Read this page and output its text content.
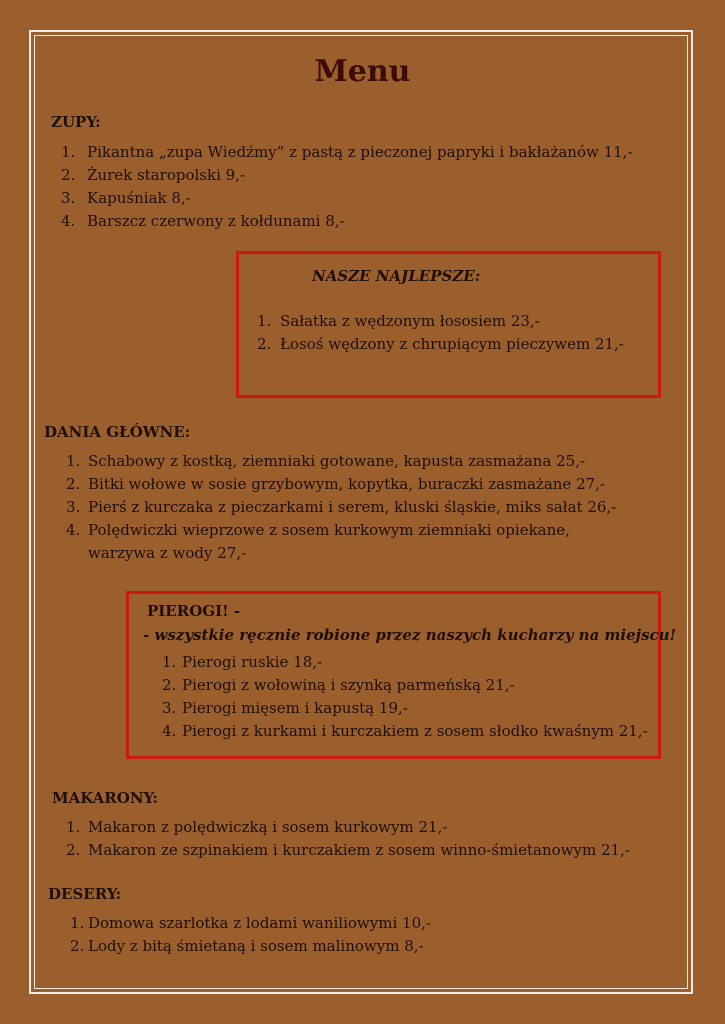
Menu
ZUPY:
1. Pikantna „zupa Wiedźmy” z pastą z pieczonej papryki i bakłażanów 11,-
2. Żurek staropolski 9,-
3. Kapuśniak 8,-
4. Barszcz czerwony z kołdunami 8,-
NASZE NAJLEPSZE:
1. Sałatka z wędzonym łososiem 23,-
2. Łosoś wędzony z chrupiącym pieczywem 21,-
DANIA GŁÓWNE:
1. Schabowy z kostką, ziemniaki gotowane, kapusta zasmażana 25,-
2. Bitki wołowe w sosie grzybowym, kopytka, buraczki zasmażane 27,-
3. Pierś z kurczaka z pieczarkami i serem, kluski śląskie, miks sałat 26,-
4. Polędwiczki wieprzowe z sosem kurkowym ziemniaki opiekane,
warzywa z wody 27,-
PIEROGI! -
- wszystkie ręcznie robione przez naszych kucharzy na miejscu!
1. Pierogi ruskie 18,-
2. Pierogi z wołowiną i szynką parmeńską 21,-
3. Pierogi mięsem i kapustą 19,-
4. Pierogi z kurkami i kurczakiem z sosem słodko kwaśnym 21,-
MAKARONY:
1. Makaron z polędwiczką i sosem kurkowym 21,-
2. Makaron ze szpinakiem i kurczakiem z sosem winno-śmietanowym 21,-
DESERY:
1. Domowa szarlotka z lodami waniliowymi 10,-
2. Lody z bitą śmietaną i sosem malinowym 8,-
